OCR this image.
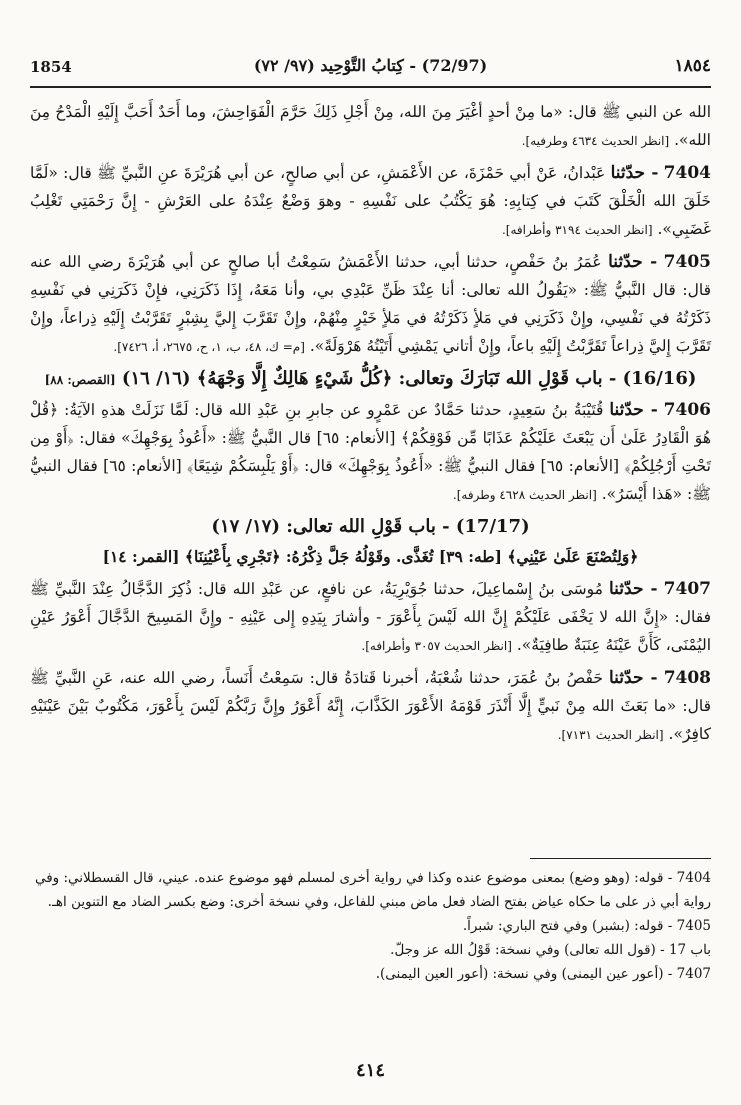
1854	(72/97) - كِتابُ التَّوْحِيد (٩٧/ ٧٢)	١٨٥٤

الله عن النبي ﷺ قال: «ما مِنْ أحدٍ أغْيَرَ مِنَ الله، مِنْ أَجْلِ ذَلِكَ حَرَّمَ الْفَوَاحِشَ، وما أَحَدٌ أَحَبَّ إِلَيْهِ الْمَدْحُ مِنَ الله». [انظر الحديث ٤٦٣٤ وطرفيه].

7404 - حدّثنا عَبْدانُ، عَنْ أبي حَمْزَةَ، عن الأَعْمَشِ، عن أبي صالحٍ، عن أبي هُرَيْرَةَ عنِ النَّبيِّ ﷺ قال: «لَمَّا خَلَقَ الله الْخَلْقَ كَتَبَ في كِتابِهِ: هُوَ يَكْتُبُ على نَفْسِهِ - وهوَ وَضْعٌ عِنْدَهُ على العَرْشِ - إِنَّ رَحْمَتِي تَغْلِبُ غَضَبِي». [انظر الحديث ٣١٩٤ وأطرافه].

7405 - حدّثنا عُمَرُ بنُ حَفْصٍ، حدثنا أبي، حدثنا الأَعْمَشُ سَمِعْتُ أبا صالحٍ عن أبي هُرَيْرَةَ رضي الله عنه قال: قال النَّبيُّ ﷺ: «يَقُولُ الله تعالى: أنا عِنْدَ ظَنِّ عَبْدِي بي، وأنا مَعَهُ، إِذَا ذَكَرَنِي، فإِنْ ذَكَرَنِي في نَفْسِهِ ذَكَرْتُهُ في نَفْسِي، وإِنْ ذَكَرَنِي في مَلأٍ ذَكَرْتُهُ في مَلأٍ خَيْرٍ مِنْهُمْ، وإِنْ تَقَرَّبَ إِليَّ بِشِبْرٍ تَقَرَّبْتُ إِلَيْهِ ذِراعاً، وإِنْ تَقَرَّبَ إِليَّ ذِراعاً تَقَرَّبْتُ إِلَيْهِ باعاً، وإِنْ أتاني يَمْشِي أَتَيْتُهُ هَرْوَلَةً». [م= ك، ٤٨، ب، ١، ح، ٢٦٧٥، أ، ٧٤٢٦].

(16/16) - باب قَوْلِ الله تَبَارَكَ وتعالى: ﴿كُلُّ شَيْءٍ هَالِكٌ إِلَّا وَجْهَهُ﴾ (١٦/ ١٦) [القصص: ٨٨]

7406 - حدّثنا قُتَيْبَةُ بنُ سَعِيدٍ، حدثنا حَمَّادٌ عن عَمْرٍو عن جابرِ بنِ عَبْدِ الله قال: لَمَّا نَزَلَتْ هذهِ الآيَةُ: ﴿قُلْ هُوَ الْقَادِرُ عَلَىٰ أَن يَبْعَثَ عَلَيْكُمْ عَذَابًا مِّن فَوْقِكُمْ﴾ [الأنعام: ٦٥] قال النَّبيُّ ﷺ: «أَعُوذُ بِوَجْهِكَ» فقال: ﴿أَوْ مِن تَحْتِ أَرْجُلِكُمْ﴾ [الأنعام: ٦٥] فقال النبيُّ ﷺ: «أَعُوذُ بِوَجْهِكَ» قال: ﴿أَوْ يَلْبِسَكُمْ شِيَعًا﴾ [الأنعام: ٦٥] فقال النبيُّ ﷺ: «هَذا أَيْسَرُ». [انظر الحديث ٤٦٢٨ وطرفه].

(17/17) - باب قَوْلِ الله تعالى: (١٧/ ١٧)

﴿وَلِتُصْنَعَ عَلَىٰ عَيْنِي﴾ [طه: ٣٩] تُغَذَّى. وقَوْلُهُ جَلَّ ذِكْرُهُ: ﴿تَجْرِي بِأَعْيُنِنَا﴾ [القمر: ١٤]

7407 - حدّثنا مُوسَى بنُ إِسْماعِيلَ، حدثنا جُوَيْرِيَةُ، عن نافعٍ، عن عَبْدِ الله قال: ذُكِرَ الدَّجَّالُ عِنْدَ النَّبيِّ ﷺ فقال: «إِنَّ الله لا يَخْفَى عَلَيْكُمْ إِنَّ الله لَيْسَ بِأَعْوَرَ - وأشارَ بِيَدِهِ إِلى عَيْنِهِ - وإِنَّ المَسِيحَ الدَّجَّالَ أَعْوَرُ عَيْنِ اليُمْنَى، كَأَنَّ عَيْنَهُ عِنَبَةٌ طافِيَةٌ». [انظر الحديث ٣٠٥٧ وأطرافه].

7408 - حدّثنا حَفْصُ بنُ عُمَرَ، حدثنا شُعْبَةُ، أخبرنا قَتادَةُ قال: سَمِعْتُ أَنَساً، رضي الله عنه، عَنِ النَّبيِّ ﷺ قال: «ما بَعَثَ الله مِنْ نَبيٍّ إِلَّا أَنْذَرَ قَوْمَهُ الأَعْوَرَ الكَذَّابَ، إِنَّهُ أَعْوَرُ وإِنَّ رَبَّكُمْ لَيْسَ بِأَعْوَرَ، مَكْتُوبٌ بَيْنَ عَيْنَيْهِ كافِرٌ». [انظر الحديث ٧١٣١].

7404 - قوله: (وهو وضع) بمعنى موضوع عنده وكذا في رواية أخرى لمسلم فهو موضوع عنده. عيني، قال القسطلاني: وفي رواية أبي ذر على ما حكاه عياض بفتح الضاد فعل ماض مبني للفاعل، وفي نسخة أخرى: وضع بكسر الضاد مع التنوين اهـ.

7405 - قوله: (بشبر) وفي فتح الباري: شبراً.

باب 17 - (قول الله تعالى) وفي نسخة: قَوْلُ الله عز وجلّ.

7407 - (أعور عين اليمنى) وفي نسخة: (أعور العين اليمنى).

٤١٤
